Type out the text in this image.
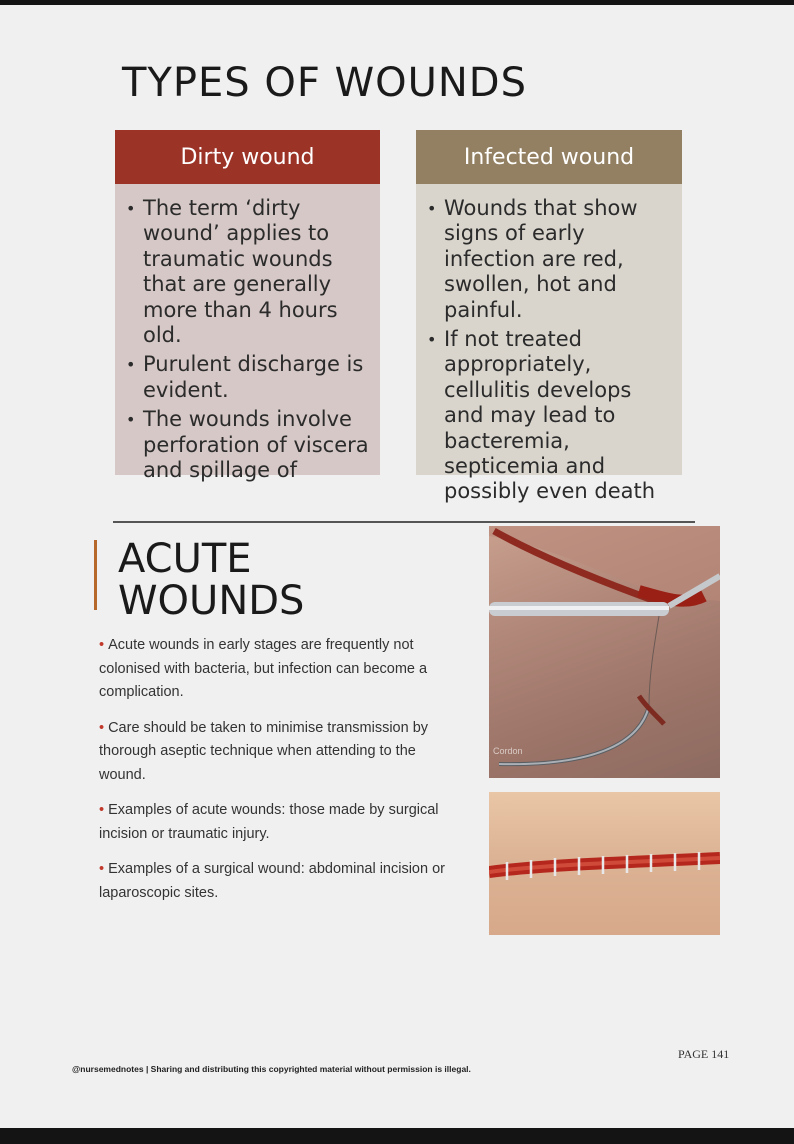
TYPES OF WOUNDS
Dirty wound
• The term ‘dirty wound’ applies to traumatic wounds that are generally more than 4 hours old.
• Purulent discharge is evident.
• The wounds involve perforation of viscera and spillage of
Infected wound
• Wounds that show signs of early infection are red, swollen, hot and painful.
• If not treated appropriately, cellulitis develops and may lead to bacteremia, septicemia and possibly even death
ACUTE
WOUNDS
• Acute wounds in early stages are frequently not colonised with bacteria, but infection can become a complication.
• Care should be taken to minimise transmission by thorough aseptic technique when attending to the wound.
• Examples of acute wounds: those made by surgical incision or traumatic injury.
• Examples of a surgical wound: abdominal incision or laparoscopic sites.
Cordon
PAGE 141
@nursemednotes | Sharing and distributing this copyrighted material without permission is illegal.
